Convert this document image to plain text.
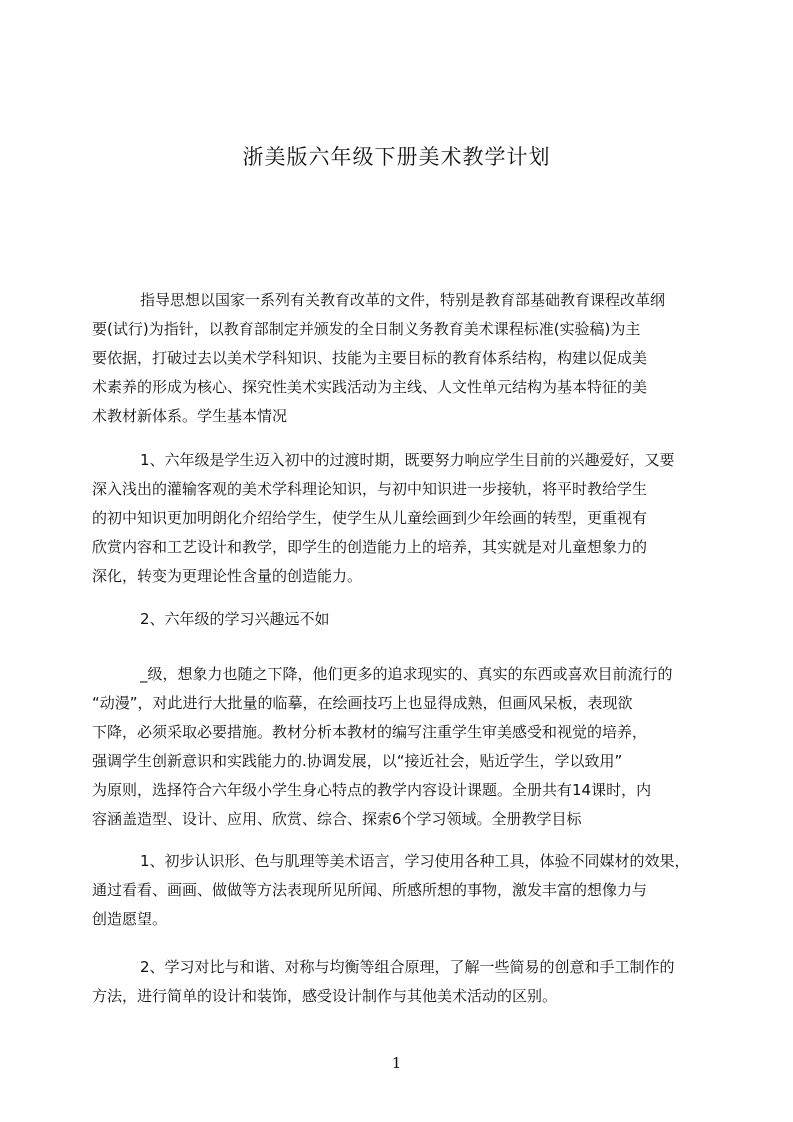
浙美版六年级下册美术教学计划
指导思想以国家一系列有关教育改革的文件，特别是教育部基础教育课程改革纲
要(试行)为指针，以教育部制定并颁发的全日制义务教育美术课程标准(实验稿)为主
要依据，打破过去以美术学科知识、技能为主要目标的教育体系结构，构建以促成美
术素养的形成为核心、探究性美术实践活动为主线、人文性单元结构为基本特征的美
术教材新体系。学生基本情况
1、六年级是学生迈入初中的过渡时期，既要努力响应学生目前的兴趣爱好，又要
深入浅出的灌输客观的美术学科理论知识，与初中知识进一步接轨，将平时教给学生
的初中知识更加明朗化介绍给学生，使学生从儿童绘画到少年绘画的转型，更重视有
欣赏内容和工艺设计和教学，即学生的创造能力上的培养，其实就是对儿童想象力的
深化，转变为更理论性含量的创造能力。
2、六年级的学习兴趣远不如
_级，想象力也随之下降，他们更多的追求现实的、真实的东西或喜欢目前流行的
“动漫”，对此进行大批量的临摹，在绘画技巧上也显得成熟，但画风呆板，表现欲
下降，必须采取必要措施。教材分析本教材的编写注重学生审美感受和视觉的培养，
强调学生创新意识和实践能力的.协调发展，以“接近社会，贴近学生，学以致用”
为原则，选择符合六年级小学生身心特点的教学内容设计课题。全册共有14课时，内
容涵盖造型、设计、应用、欣赏、综合、探索6个学习领域。全册教学目标
1、初步认识形、色与肌理等美术语言，学习使用各种工具，体验不同媒材的效果，
通过看看、画画、做做等方法表现所见所闻、所感所想的事物，激发丰富的想像力与
创造愿望。
2、学习对比与和谐、对称与均衡等组合原理，了解一些简易的创意和手工制作的
方法，进行简单的设计和装饰，感受设计制作与其他美术活动的区别。
1
